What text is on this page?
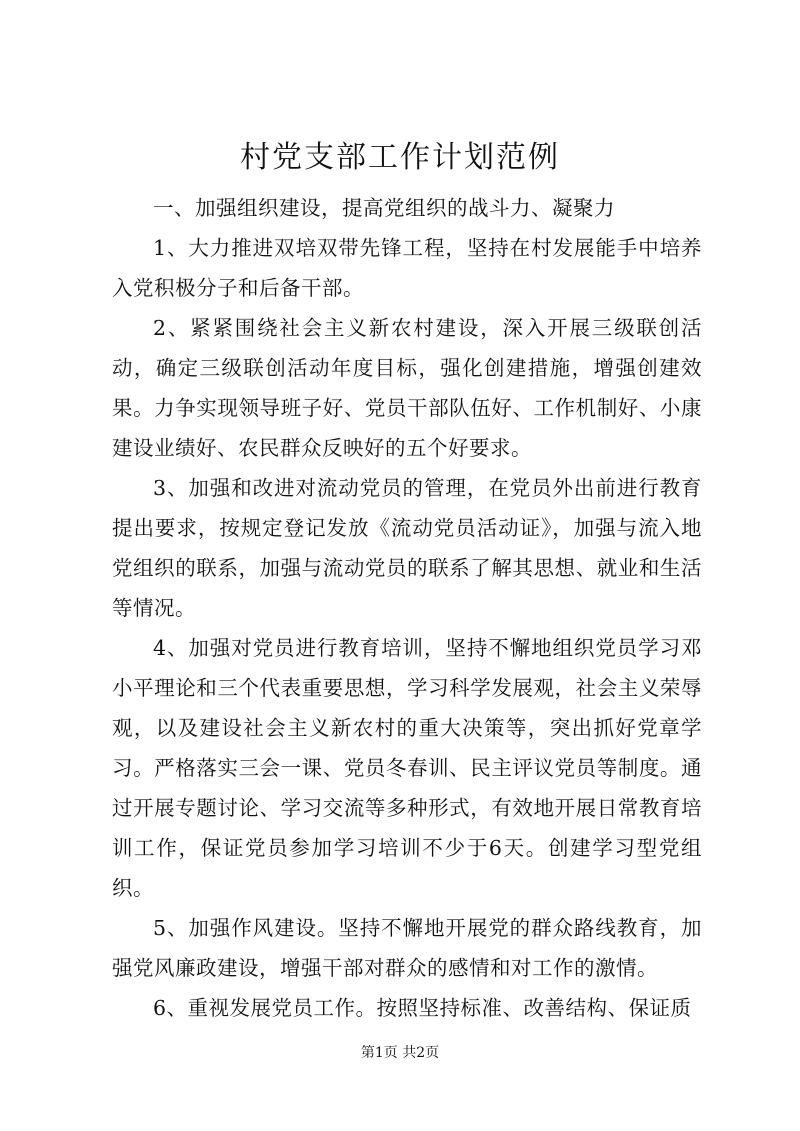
村党支部工作计划范例

一、加强组织建设，提高党组织的战斗力、凝聚力

1、大力推进双培双带先锋工程，坚持在村发展能手中培养入党积极分子和后备干部。

2、紧紧围绕社会主义新农村建设，深入开展三级联创活动，确定三级联创活动年度目标，强化创建措施，增强创建效果。力争实现领导班子好、党员干部队伍好、工作机制好、小康建设业绩好、农民群众反映好的五个好要求。

3、加强和改进对流动党员的管理，在党员外出前进行教育提出要求，按规定登记发放《流动党员活动证》，加强与流入地党组织的联系，加强与流动党员的联系了解其思想、就业和生活等情况。

4、加强对党员进行教育培训，坚持不懈地组织党员学习邓小平理论和三个代表重要思想，学习科学发展观，社会主义荣辱观，以及建设社会主义新农村的重大决策等，突出抓好党章学习。严格落实三会一课、党员冬春训、民主评议党员等制度。通过开展专题讨论、学习交流等多种形式，有效地开展日常教育培训工作，保证党员参加学习培训不少于6天。创建学习型党组织。

5、加强作风建设。坚持不懈地开展党的群众路线教育，加强党风廉政建设，增强干部对群众的感情和对工作的激情。

6、重视发展党员工作。按照坚持标准、改善结构、保证质

第1页 共2页
